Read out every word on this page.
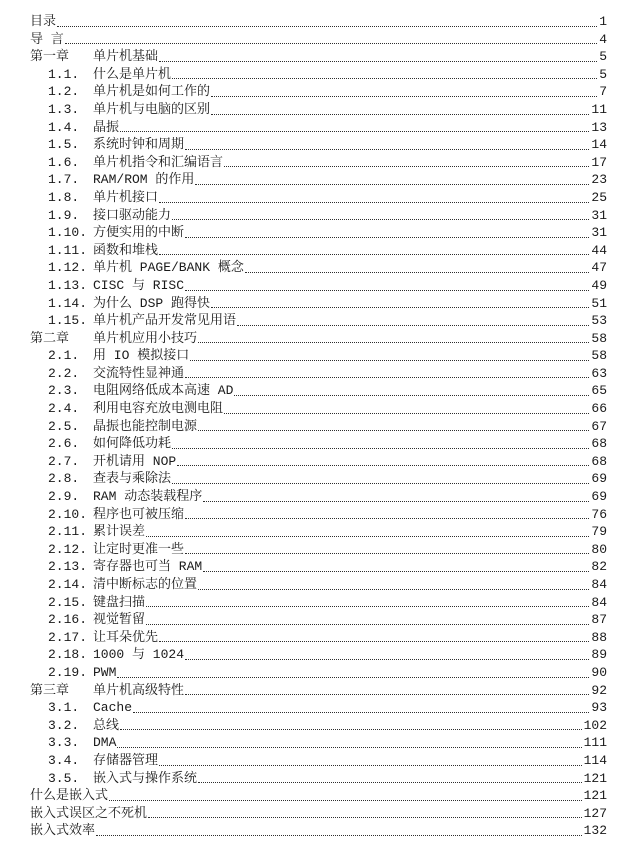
目录	1
导 言	4
第一章	单片机基础	5
1.1.	什么是单片机	5
1.2.	单片机是如何工作的	7
1.3.	单片机与电脑的区别	11
1.4.	晶振	13
1.5.	系统时钟和周期	14
1.6.	单片机指令和汇编语言	17
1.7.	RAM/ROM 的作用	23
1.8.	单片机接口	25
1.9.	接口驱动能力	31
1.10. 方便实用的中断	31
1.11. 函数和堆栈	44
1.12. 单片机 PAGE/BANK 概念	47
1.13. CISC 与 RISC	49
1.14. 为什么 DSP 跑得快	51
1.15. 单片机产品开发常见用语	53
第二章	单片机应用小技巧	58
2.1.	用 IO 模拟接口	58
2.2.	交流特性显神通	63
2.3.	电阻网络低成本高速 AD	65
2.4.	利用电容充放电测电阻	66
2.5.	晶振也能控制电源	67
2.6.	如何降低功耗	68
2.7.	开机请用 NOP	68
2.8.	查表与乘除法	69
2.9.	RAM 动态装载程序	69
2.10. 程序也可被压缩	76
2.11. 累计误差	79
2.12. 让定时更准一些	80
2.13. 寄存器也可当 RAM	82
2.14. 清中断标志的位置	84
2.15. 键盘扫描	84
2.16. 视觉暂留	87
2.17. 让耳朵优先	88
2.18. 1000 与 1024	89
2.19. PWM	90
第三章	单片机高级特性	92
3.1.	Cache	93
3.2.	总线	102
3.3.	DMA	111
3.4.	存储器管理	114
3.5.	嵌入式与操作系统	121
什么是嵌入式	121
嵌入式误区之不死机	127
嵌入式效率	132
